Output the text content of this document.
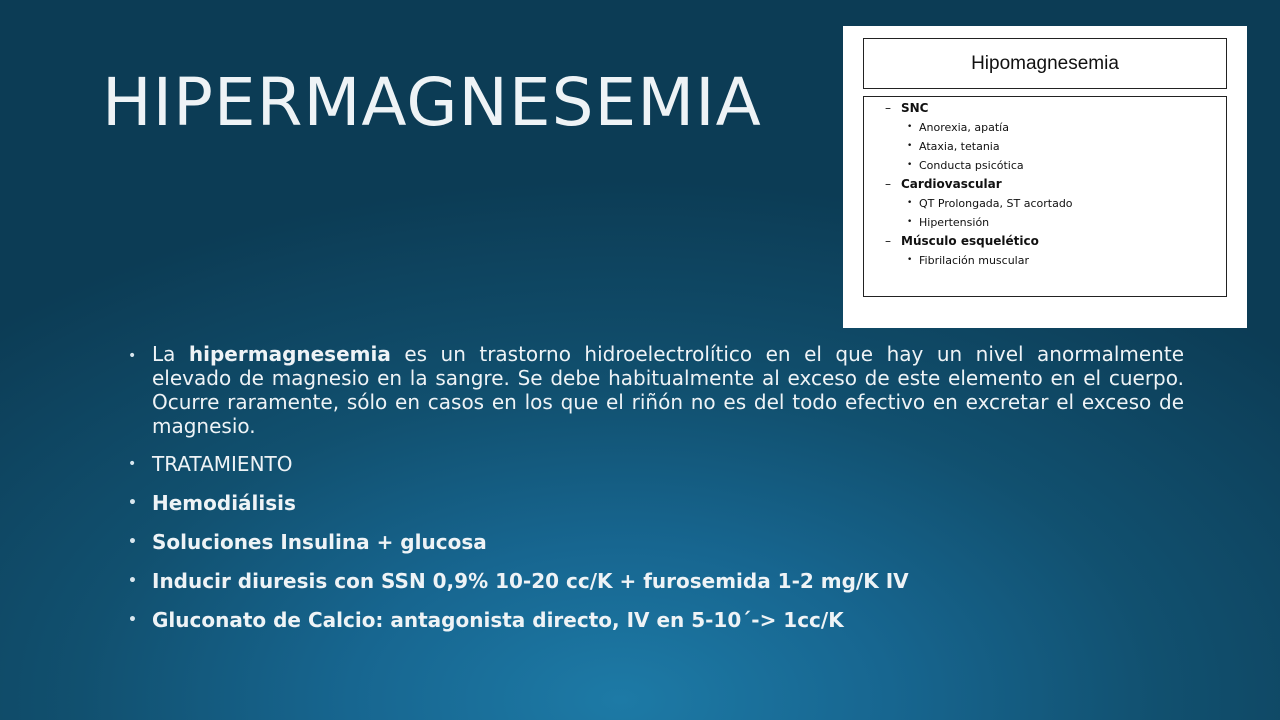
HIPERMAGNESEMIA
Hipomagnesemia
– SNC
• Anorexia, apatía
• Ataxia, tetania
• Conducta psicótica
– Cardiovascular
• QT Prolongada, ST acortado
• Hipertensión
– Músculo esquelético
• Fibrilación muscular
• La hipermagnesemia es un trastorno hidroelectrolítico en el que hay un nivel anormalmente elevado de magnesio en la sangre. Se debe habitualmente al exceso de este elemento en el cuerpo. Ocurre raramente, sólo en casos en los que el riñón no es del todo efectivo en excretar el exceso de magnesio.

• TRATAMIENTO
• Hemodiálisis
• Soluciones Insulina + glucosa
• Inducir diuresis con SSN 0,9% 10-20 cc/K + furosemida 1-2 mg/K IV
• Gluconato de Calcio: antagonista directo, IV en 5-10´-> 1cc/K
